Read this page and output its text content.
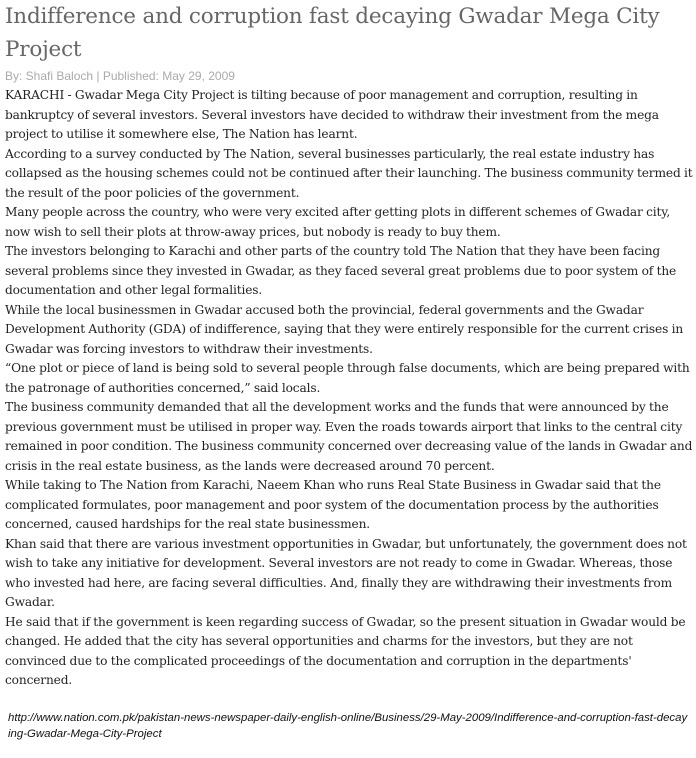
Indifference and corruption fast decaying Gwadar Mega City Project
By: Shafi Baloch | Published: May 29, 2009

KARACHI - Gwadar Mega City Project is tilting because of poor management and corruption, resulting in bankruptcy of several investors. Several investors have decided to withdraw their investment from the mega project to utilise it somewhere else, The Nation has learnt.

According to a survey conducted by The Nation, several businesses particularly, the real estate industry has collapsed as the housing schemes could not be continued after their launching. The business community termed it the result of the poor policies of the government.

Many people across the country, who were very excited after getting plots in different schemes of Gwadar city, now wish to sell their plots at throw-away prices, but nobody is ready to buy them.

The investors belonging to Karachi and other parts of the country told The Nation that they have been facing several problems since they invested in Gwadar, as they faced several great problems due to poor system of the documentation and other legal formalities.

While the local businessmen in Gwadar accused both the provincial, federal governments and the Gwadar Development Authority (GDA) of indifference, saying that they were entirely responsible for the current crises in Gwadar was forcing investors to withdraw their investments.

“One plot or piece of land is being sold to several people through false documents, which are being prepared with the patronage of authorities concerned,” said locals.

The business community demanded that all the development works and the funds that were announced by the previous government must be utilised in proper way. Even the roads towards airport that links to the central city remained in poor condition. The business community concerned over decreasing value of the lands in Gwadar and crisis in the real estate business, as the lands were decreased around 70 percent.

While taking to The Nation from Karachi, Naeem Khan who runs Real State Business in Gwadar said that the complicated formulates, poor management and poor system of the documentation process by the authorities concerned, caused hardships for the real state businessmen.

Khan said that there are various investment opportunities in Gwadar, but unfortunately, the government does not wish to take any initiative for development. Several investors are not ready to come in Gwadar. Whereas, those who invested had here, are facing several difficulties. And, finally they are withdrawing their investments from Gwadar.

He said that if the government is keen regarding success of Gwadar, so the present situation in Gwadar would be changed. He added that the city has several opportunities and charms for the investors, but they are not convinced due to the complicated proceedings of the documentation and corruption in the departments' concerned.

http://www.nation.com.pk/pakistan-news-newspaper-daily-english-online/Business/29-May-2009/Indifference-and-corruption-fast-decaying-Gwadar-Mega-City-Project
